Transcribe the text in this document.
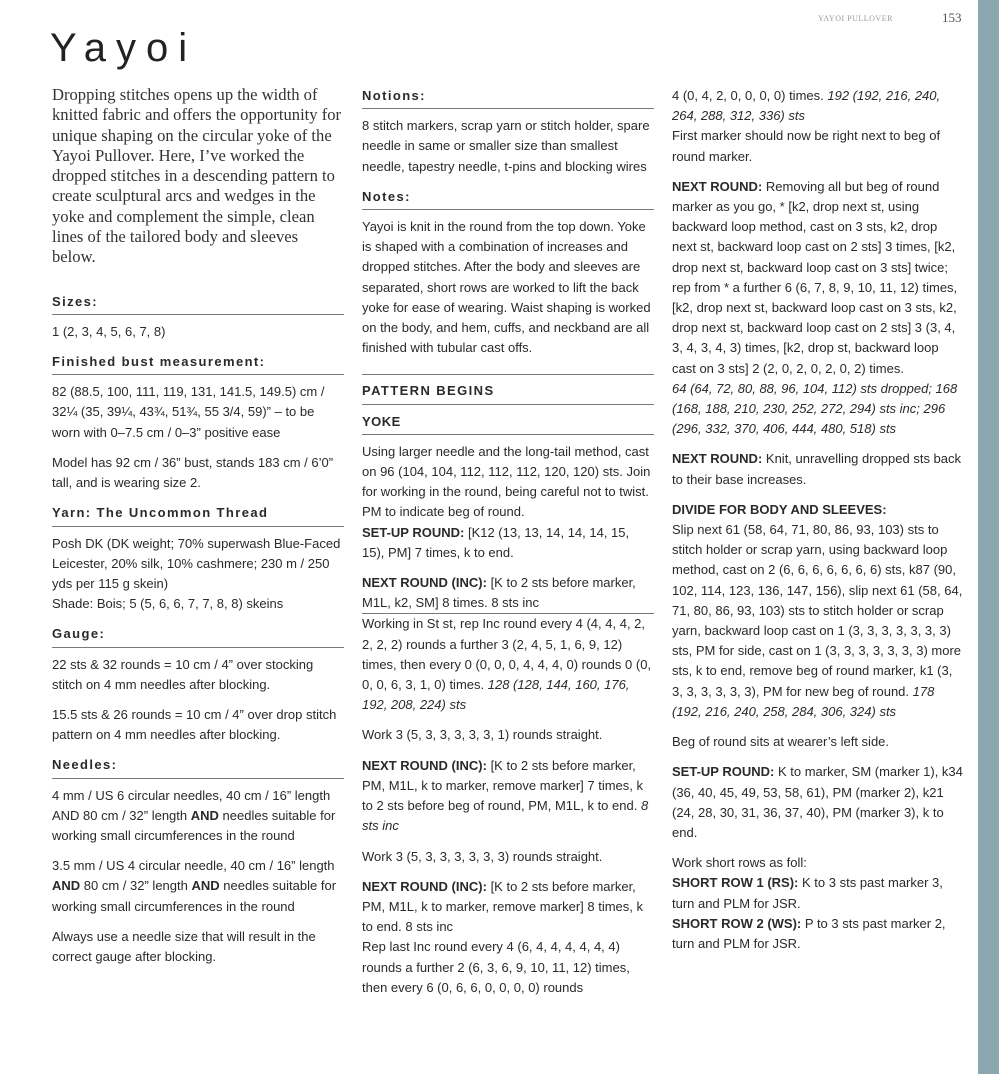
YAYOI PULLOVER	153
Yayoi

Dropping stitches opens up the width of knitted fabric and offers the opportunity for unique shaping on the circular yoke of the Yayoi Pullover. Here, I’ve worked the dropped stitches in a descending pattern to create sculptural arcs and wedges in the yoke and complement the simple, clean lines of the tailored body and sleeves below.

Sizes:

1 (2, 3, 4, 5, 6, 7, 8)

Finished bust measurement:

82 (88.5, 100, 111, 119, 131, 141.5, 149.5) cm / 32¼ (35, 39¼, 43¾, 51¾, 55 3/4, 59)” – to be worn with 0–7.5 cm / 0–3” positive ease

Model has 92 cm / 36” bust, stands 183 cm / 6’0” tall, and is wearing size 2.

Yarn: The Uncommon Thread

Posh DK (DK weight; 70% superwash Blue-Faced Leicester, 20% silk, 10% cashmere; 230 m / 250 yds per 115 g skein)

Shade: Bois; 5 (5, 6, 6, 7, 7, 8, 8) skeins

Gauge:

22 sts & 32 rounds = 10 cm / 4” over stocking stitch on 4 mm needles after blocking.

15.5 sts & 26 rounds = 10 cm / 4” over drop stitch pattern on 4 mm needles after blocking.

Needles:

4 mm / US 6 circular needles, 40 cm / 16” length AND 80 cm / 32” length AND needles suitable for working small circumferences in the round

3.5 mm / US 4 circular needle, 40 cm / 16” length AND 80 cm / 32” length AND needles suitable for working small circumferences in the round

Always use a needle size that will result in the correct gauge after blocking.

Notions:

8 stitch markers, scrap yarn or stitch holder, spare needle in same or smaller size than smallest needle, tapestry needle, t-pins and blocking wires

Notes:

Yayoi is knit in the round from the top down. Yoke is shaped with a combination of increases and dropped stitches. After the body and sleeves are separated, short rows are worked to lift the back yoke for ease of wearing. Waist shaping is worked on the body, and hem, cuffs, and neckband are all finished with tubular cast offs.

PATTERN BEGINS
YOKE

Using larger needle and the long-tail method, cast on 96 (104, 104, 112, 112, 112, 120, 120) sts. Join for working in the round, being careful not to twist. PM to indicate beg of round.

SET-UP ROUND: [K12 (13, 13, 14, 14, 14, 15, 15), PM] 7 times, k to end.

NEXT ROUND (INC): [K to 2 sts before marker, M1L, k2, SM] 8 times. 8 sts inc

Working in St st, rep Inc round every 4 (4, 4, 4, 2, 2, 2, 2) rounds a further 3 (2, 4, 5, 1, 6, 9, 12) times, then every 0 (0, 0, 0, 4, 4, 4, 0) rounds 0 (0, 0, 0, 6, 3, 1, 0) times. 128 (128, 144, 160, 176, 192, 208, 224) sts

Work 3 (5, 3, 3, 3, 3, 3, 1) rounds straight.

NEXT ROUND (INC): [K to 2 sts before marker, PM, M1L, k to marker, remove marker] 7 times, k to 2 sts before beg of round, PM, M1L, k to end. 8 sts inc

Work 3 (5, 3, 3, 3, 3, 3, 3) rounds straight.

NEXT ROUND (INC): [K to 2 sts before marker, PM, M1L, k to marker, remove marker] 8 times, k to end. 8 sts inc

Rep last Inc round every 4 (6, 4, 4, 4, 4, 4, 4) rounds a further 2 (6, 3, 6, 9, 10, 11, 12) times, then every 6 (0, 6, 6, 0, 0, 0, 0) rounds

4 (0, 4, 2, 0, 0, 0, 0) times. 192 (192, 216, 240, 264, 288, 312, 336) sts

First marker should now be right next to beg of round marker.

NEXT ROUND: Removing all but beg of round marker as you go, * [k2, drop next st, using backward loop method, cast on 3 sts, k2, drop next st, backward loop cast on 2 sts] 3 times, [k2, drop next st, backward loop cast on 3 sts] twice; rep from * a further 6 (6, 7, 8, 9, 10, 11, 12) times, [k2, drop next st, backward loop cast on 3 sts, k2, drop next st, backward loop cast on 2 sts] 3 (3, 4, 3, 4, 3, 4, 3) times, [k2, drop st, backward loop cast on 3 sts] 2 (2, 0, 2, 0, 2, 0, 2) times.

64 (64, 72, 80, 88, 96, 104, 112) sts dropped; 168 (168, 188, 210, 230, 252, 272, 294) sts inc; 296 (296, 332, 370, 406, 444, 480, 518) sts

NEXT ROUND: Knit, unravelling dropped sts back to their base increases.

DIVIDE FOR BODY AND SLEEVES:

Slip next 61 (58, 64, 71, 80, 86, 93, 103) sts to stitch holder or scrap yarn, using backward loop method, cast on 2 (6, 6, 6, 6, 6, 6, 6) sts, k87 (90, 102, 114, 123, 136, 147, 156), slip next 61 (58, 64, 71, 80, 86, 93, 103) sts to stitch holder or scrap yarn, backward loop cast on 1 (3, 3, 3, 3, 3, 3, 3) sts, PM for side, cast on 1 (3, 3, 3, 3, 3, 3, 3) more sts, k to end, remove beg of round marker, k1 (3, 3, 3, 3, 3, 3, 3), PM for new beg of round. 178 (192, 216, 240, 258, 284, 306, 324) sts

Beg of round sits at wearer’s left side.

SET-UP ROUND: K to marker, SM (marker 1), k34 (36, 40, 45, 49, 53, 58, 61), PM (marker 2), k21 (24, 28, 30, 31, 36, 37, 40), PM (marker 3), k to end.

Work short rows as foll:

SHORT ROW 1 (RS): K to 3 sts past marker 3, turn and PLM for JSR.

SHORT ROW 2 (WS): P to 3 sts past marker 2, turn and PLM for JSR.
